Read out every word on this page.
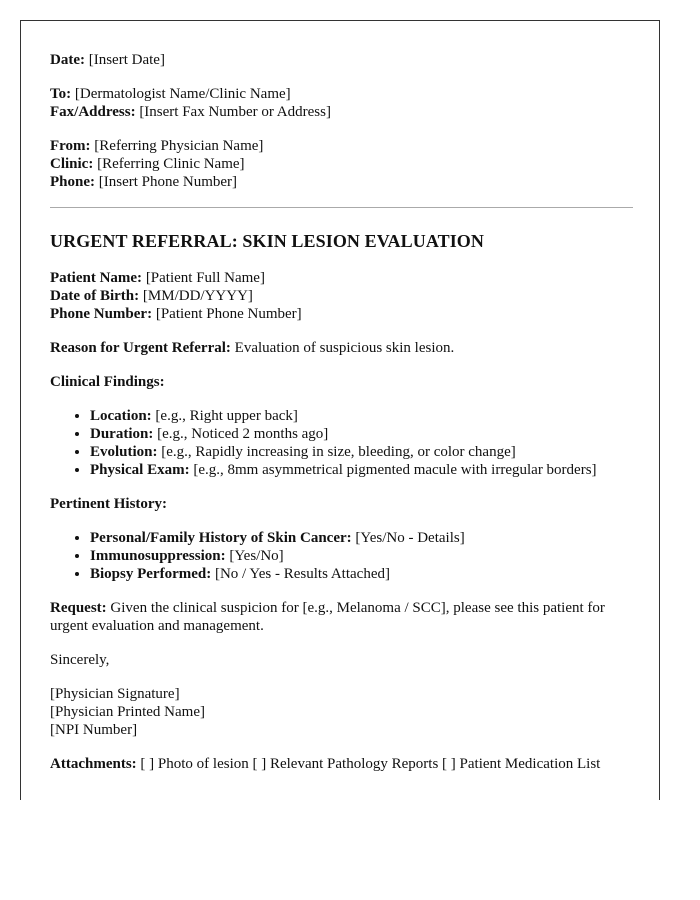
Date: [Insert Date]
To: [Dermatologist Name/Clinic Name]
Fax/Address: [Insert Fax Number or Address]
From: [Referring Physician Name]
Clinic: [Referring Clinic Name]
Phone: [Insert Phone Number]
URGENT REFERRAL: SKIN LESION EVALUATION
Patient Name: [Patient Full Name]
Date of Birth: [MM/DD/YYYY]
Phone Number: [Patient Phone Number]
Reason for Urgent Referral: Evaluation of suspicious skin lesion.
Clinical Findings:
• Location: [e.g., Right upper back]
• Duration: [e.g., Noticed 2 months ago]
• Evolution: [e.g., Rapidly increasing in size, bleeding, or color change]
• Physical Exam: [e.g., 8mm asymmetrical pigmented macule with irregular borders]
Pertinent History:
• Personal/Family History of Skin Cancer: [Yes/No - Details]
• Immunosuppression: [Yes/No]
• Biopsy Performed: [No / Yes - Results Attached]
Request: Given the clinical suspicion for [e.g., Melanoma / SCC], please see this patient for urgent evaluation and management.
Sincerely,
[Physician Signature]
[Physician Printed Name]
[NPI Number]
Attachments: [ ] Photo of lesion [ ] Relevant Pathology Reports [ ] Patient Medication List
